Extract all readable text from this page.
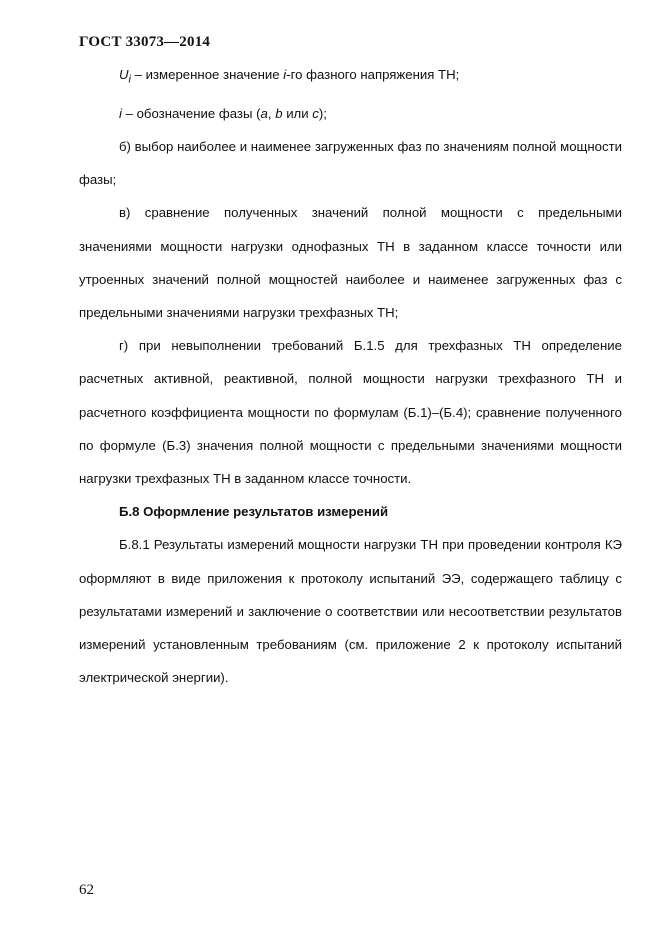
ГОСТ 33073—2014

$U_i$ – измеренное значение i-го фазного напряжения ТН;

i – обозначение фазы (a, b или c);

б) выбор наиболее и наименее загруженных фаз по значениям полной мощности фазы;

в) сравнение полученных значений полной мощности с предельными значениями мощности нагрузки однофазных ТН в заданном классе точности или утроенных значений полной мощностей наиболее и наименее загруженных фаз с предельными значениями нагрузки трехфазных ТН;

г) при невыполнении требований Б.1.5 для трехфазных ТН определение расчетных активной, реактивной, полной мощности нагрузки трехфазного ТН и расчетного коэффициента мощности по формулам (Б.1)–(Б.4); сравнение полученного по формуле (Б.3) значения полной мощности с предельными значениями мощности нагрузки трехфазных ТН в заданном классе точности.

Б.8 Оформление результатов измерений

Б.8.1 Результаты измерений мощности нагрузки ТН при проведении контроля КЭ оформляют в виде приложения к протоколу испытаний ЭЭ, содержащего таблицу с результатами измерений и заключение о соответствии или несоответствии результатов измерений установленным требованиям (см. приложение 2 к протоколу испытаний электрической энергии).

62
